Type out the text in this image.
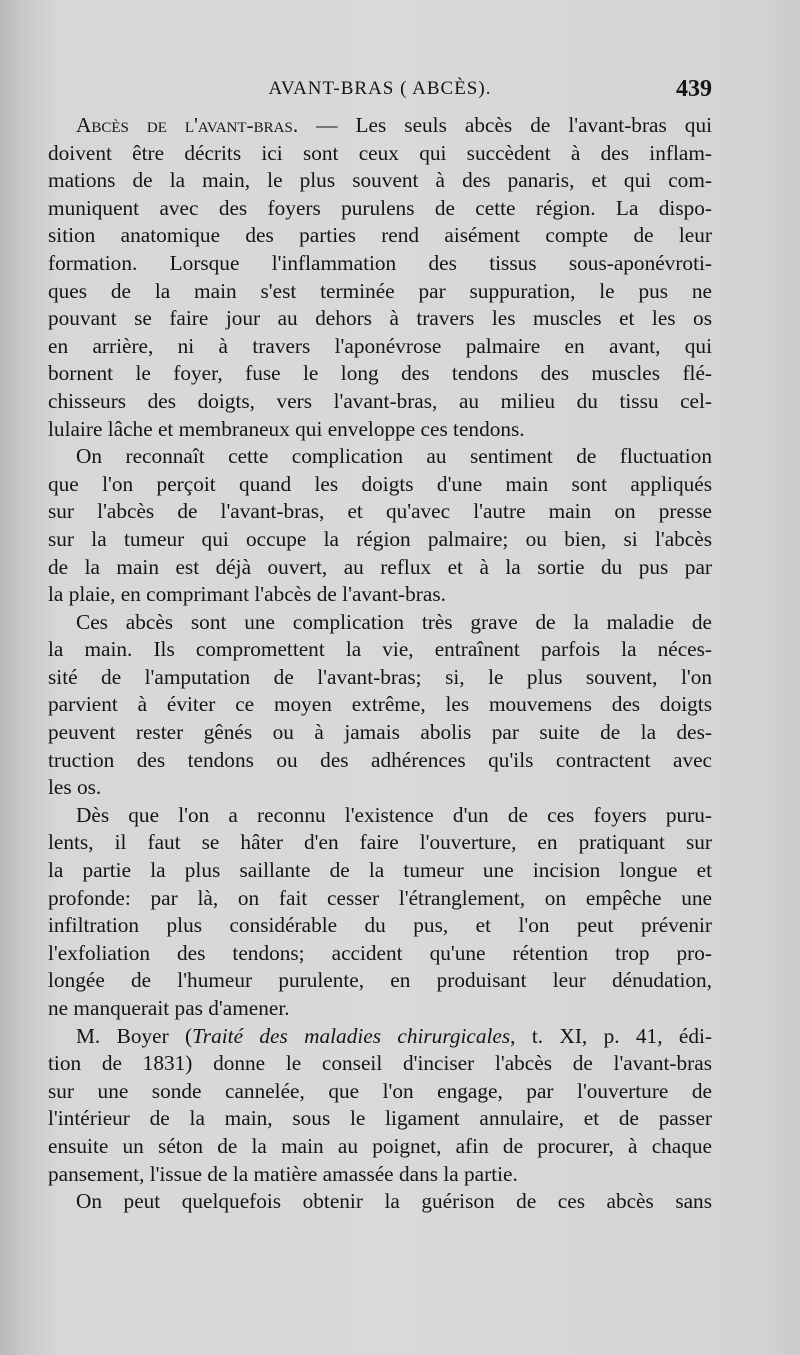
AVANT-BRAS ( ABCÈS).	439
Abcès de l'avant-bras. — Les seuls abcès de l'avant-bras qui
doivent être décrits ici sont ceux qui succèdent à des inflam-
mations de la main, le plus souvent à des panaris, et qui com-
muniquent avec des foyers purulens de cette région. La dispo-
sition anatomique des parties rend aisément compte de leur
formation. Lorsque l'inflammation des tissus sous-aponévroti-
ques de la main s'est terminée par suppuration, le pus ne
pouvant se faire jour au dehors à travers les muscles et les os
en arrière, ni à travers l'aponévrose palmaire en avant, qui
bornent le foyer, fuse le long des tendons des muscles flé-
chisseurs des doigts, vers l'avant-bras, au milieu du tissu cel-
lulaire lâche et membraneux qui enveloppe ces tendons.
On reconnaît cette complication au sentiment de fluctuation
que l'on perçoit quand les doigts d'une main sont appliqués
sur l'abcès de l'avant-bras, et qu'avec l'autre main on presse
sur la tumeur qui occupe la région palmaire; ou bien, si l'abcès
de la main est déjà ouvert, au reflux et à la sortie du pus par
la plaie, en comprimant l'abcès de l'avant-bras.
Ces abcès sont une complication très grave de la maladie de
la main. Ils compromettent la vie, entraînent parfois la néces-
sité de l'amputation de l'avant-bras; si, le plus souvent, l'on
parvient à éviter ce moyen extrême, les mouvemens des doigts
peuvent rester gênés ou à jamais abolis par suite de la des-
truction des tendons ou des adhérences qu'ils contractent avec
les os.
Dès que l'on a reconnu l'existence d'un de ces foyers puru-
lents, il faut se hâter d'en faire l'ouverture, en pratiquant sur
la partie la plus saillante de la tumeur une incision longue et
profonde: par là, on fait cesser l'étranglement, on empêche une
infiltration plus considérable du pus, et l'on peut prévenir
l'exfoliation des tendons; accident qu'une rétention trop pro-
longée de l'humeur purulente, en produisant leur dénudation,
ne manquerait pas d'amener.
M. Boyer (Traité des maladies chirurgicales, t. XI, p. 41, édi-
tion de 1831) donne le conseil d'inciser l'abcès de l'avant-bras
sur une sonde cannelée, que l'on engage, par l'ouverture de
l'intérieur de la main, sous le ligament annulaire, et de passer
ensuite un séton de la main au poignet, afin de procurer, à chaque
pansement, l'issue de la matière amassée dans la partie.
On peut quelquefois obtenir la guérison de ces abcès sans
